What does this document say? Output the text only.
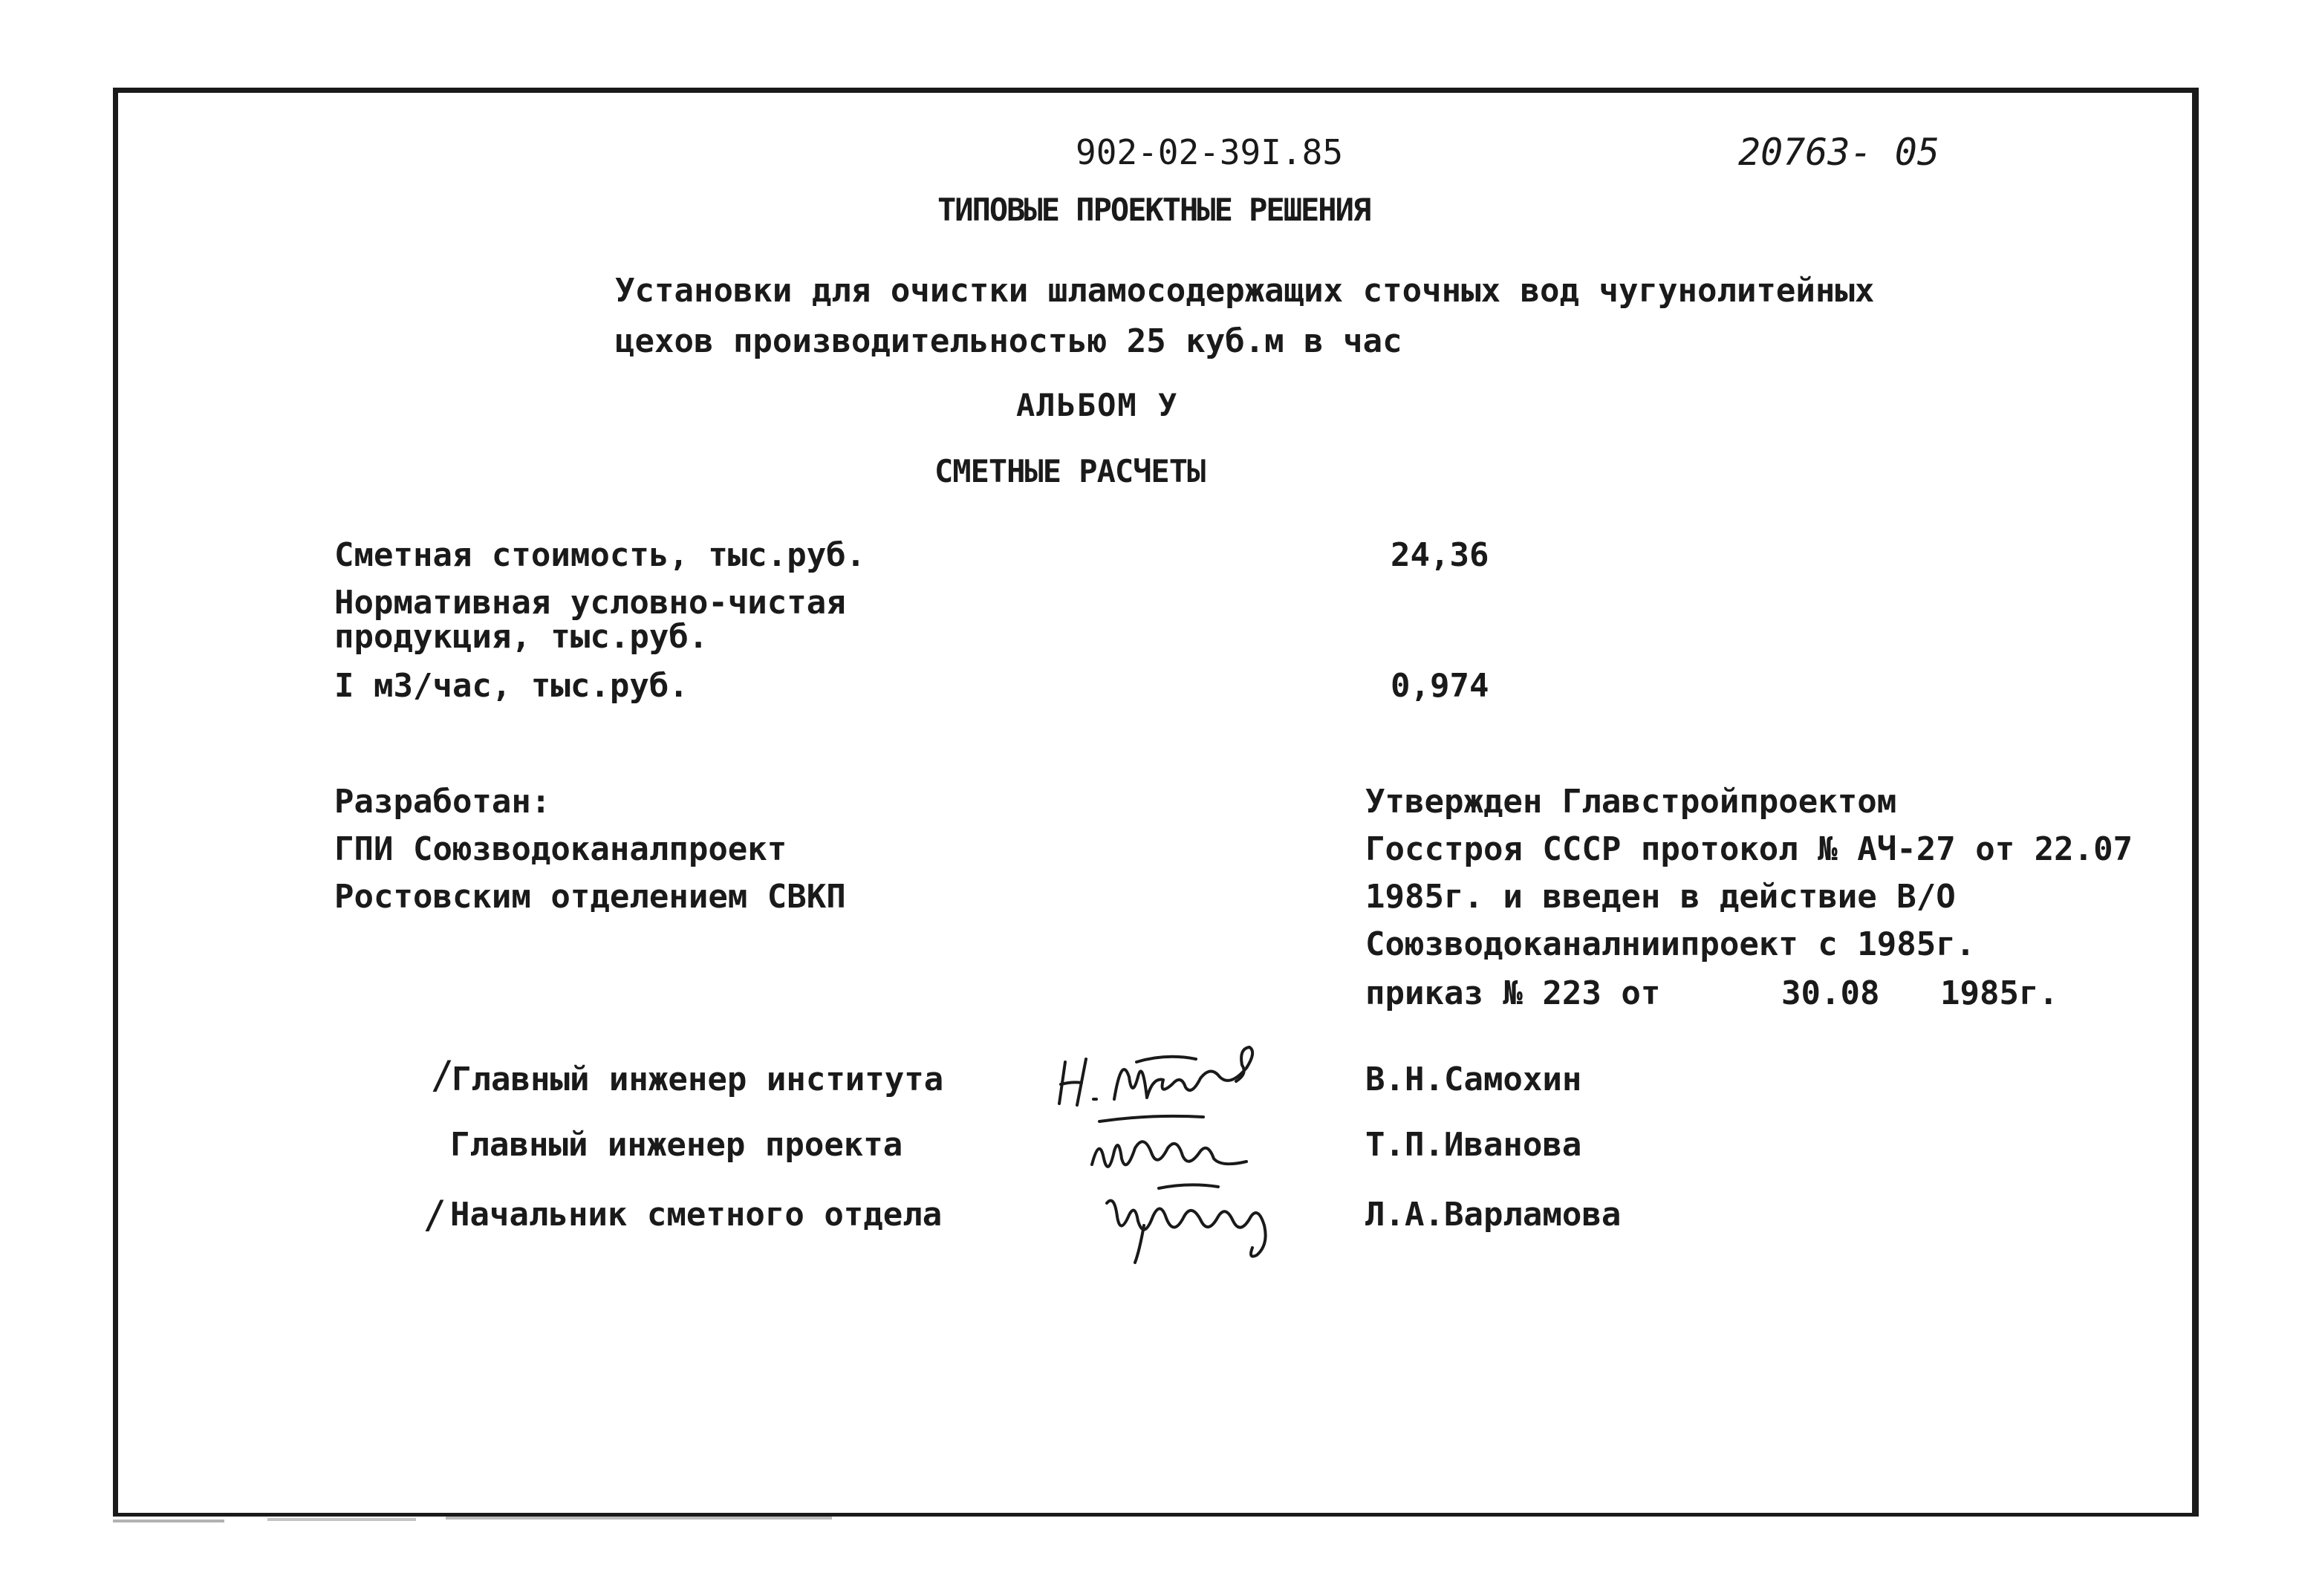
902-02-39I.85	20763- 05
ТИПОВЫЕ ПРОЕКТНЫЕ РЕШЕНИЯ
Установки для очистки шламосодержащих сточных вод чугунолитейных
цехов производительностью 25 куб.м в час
АЛЬБОМ У
СМЕТНЫЕ РАСЧЕТЫ
Сметная стоимость, тыс.руб.	24,36
Нормативная условно-чистая
продукция, тыс.руб.
I м3/час, тыс.руб.	0,974
Разработан:
ГПИ Союзводоканалпроект
Ростовским отделением СВКП
Утвержден Главстройпроектом
Госстроя СССР протокол № АЧ-27 от 22.07
1985г. и введен в действие В/О
Союзводоканалниипроект с 1985г.
приказ № 223 от	30.08 1985г.
/
Главный инженер института	В.Н.Самохин
Главный инженер проекта	Т.П.Иванова
/ Начальник сметного отдела	Л.А.Варламова
